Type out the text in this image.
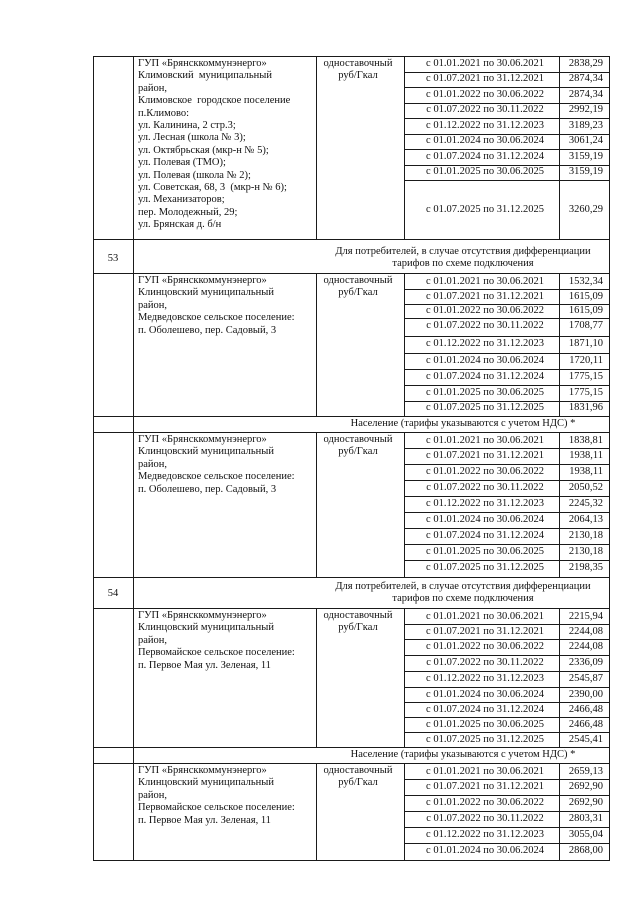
ГУП «Брянсккоммунэнерго»
Климовский  муниципальный
район,
Климовское  городское поселение
п.Климово:
ул. Калинина, 2 стр.3;
ул. Лесная (школа № 3);
ул. Октябрьская (мкр-н № 5);
ул. Полевая (ТМО);
ул. Полевая (школа № 2);
ул. Советская, 68, 3  (мкр-н № 6);
ул. Механизаторов;
пер. Молодежный, 29;
ул. Брянская д. б/н
одноставочный
руб/Гкал
с 01.01.2021 по 30.06.2021	2838,29
с 01.07.2021 по 31.12.2021	2874,34
с 01.01.2022 по 30.06.2022	2874,34
с 01.07.2022 по 30.11.2022	2992,19
с 01.12.2022 по 31.12.2023	3189,23
с 01.01.2024 по 30.06.2024	3061,24
с 01.07.2024 по 31.12.2024	3159,19
с 01.01.2025 по 30.06.2025	3159,19
с 01.07.2025 по 31.12.2025	3260,29
53
Для потребителей, в случае отсутствия дифференциации
тарифов по схеме подключения
ГУП «Брянсккоммунэнерго»
Клинцовский муниципальный
район,
Медведовское сельское поселение:
п. Оболешево, пер. Садовый, 3
одноставочный
руб/Гкал
с 01.01.2021 по 30.06.2021	1532,34
с 01.07.2021 по 31.12.2021	1615,09
с 01.01.2022 по 30.06.2022	1615,09
с 01.07.2022 по 30.11.2022	1708,77
с 01.12.2022 по 31.12.2023	1871,10
с 01.01.2024 по 30.06.2024	1720,11
с 01.07.2024 по 31.12.2024	1775,15
с 01.01.2025 по 30.06.2025	1775,15
с 01.07.2025 по 31.12.2025	1831,96
Население (тарифы указываются с учетом НДС) *
ГУП «Брянсккоммунэнерго»
Клинцовский муниципальный
район,
Медведовское сельское поселение:
п. Оболешево, пер. Садовый, 3
одноставочный
руб/Гкал
с 01.01.2021 по 30.06.2021	1838,81
с 01.07.2021 по 31.12.2021	1938,11
с 01.01.2022 по 30.06.2022	1938,11
с 01.07.2022 по 30.11.2022	2050,52
с 01.12.2022 по 31.12.2023	2245,32
с 01.01.2024 по 30.06.2024	2064,13
с 01.07.2024 по 31.12.2024	2130,18
с 01.01.2025 по 30.06.2025	2130,18
с 01.07.2025 по 31.12.2025	2198,35
54
Для потребителей, в случае отсутствия дифференциации
тарифов по схеме подключения
ГУП «Брянсккоммунэнерго»
Клинцовский муниципальный
район,
Первомайское сельское поселение:
п. Первое Мая ул. Зеленая, 11
одноставочный
руб/Гкал
с 01.01.2021 по 30.06.2021	2215,94
с 01.07.2021 по 31.12.2021	2244,08
с 01.01.2022 по 30.06.2022	2244,08
с 01.07.2022 по 30.11.2022	2336,09
с 01.12.2022 по 31.12.2023	2545,87
с 01.01.2024 по 30.06.2024	2390,00
с 01.07.2024 по 31.12.2024	2466,48
с 01.01.2025 по 30.06.2025	2466,48
с 01.07.2025 по 31.12.2025	2545,41
Население (тарифы указываются с учетом НДС) *
ГУП «Брянсккоммунэнерго»
Клинцовский муниципальный
район,
Первомайское сельское поселение:
п. Первое Мая ул. Зеленая, 11
одноставочный
руб/Гкал
с 01.01.2021 по 30.06.2021	2659,13
с 01.07.2021 по 31.12.2021	2692,90
с 01.01.2022 по 30.06.2022	2692,90
с 01.07.2022 по 30.11.2022	2803,31
с 01.12.2022 по 31.12.2023	3055,04
с 01.01.2024 по 30.06.2024	2868,00
